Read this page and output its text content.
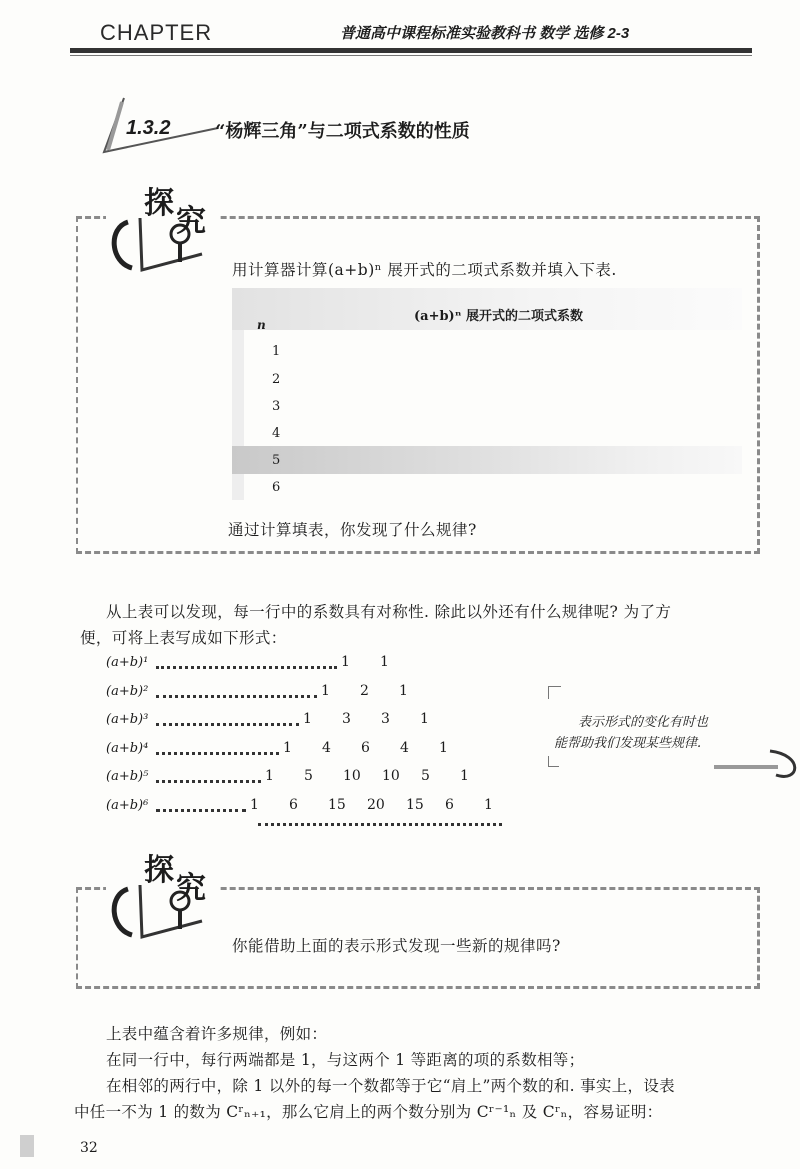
CHAPTER	普通高中课程标准实验教科书 数学 选修 2-3
1.3.2 “杨辉三角”与二项式系数的性质
探
究
用计算器计算(a+b)ⁿ 展开式的二项式系数并填入下表.
(a+b)ⁿ 展开式的二项式系数
n
1
2
3
4
5
6
通过计算填表，你发现了什么规律?
从上表可以发现，每一行中的系数具有对称性. 除此以外还有什么规律呢? 为了方
便，可将上表写成如下形式：
(a+b)¹	1 1
(a+b)²	1 2 1
(a+b)³	1 3 3 1
(a+b)⁴	1 4 6 4 1
(a+b)⁵	1 5 10 10 5 1
(a+b)⁶	1 6 15 20 15 6 1
表示形式的变化有时也
能帮助我们发现某些规律.
探
究
你能借助上面的表示形式发现一些新的规律吗?
上表中蕴含着许多规律，例如：
在同一行中，每行两端都是 1，与这两个 1 等距离的项的系数相等；
在相邻的两行中，除 1 以外的每一个数都等于它“肩上”两个数的和. 事实上，设表
中任一不为 1 的数为 Cʳₙ₊₁，那么它肩上的两个数分别为 Cʳ⁻¹ₙ 及 Cʳₙ，容易证明：
32
